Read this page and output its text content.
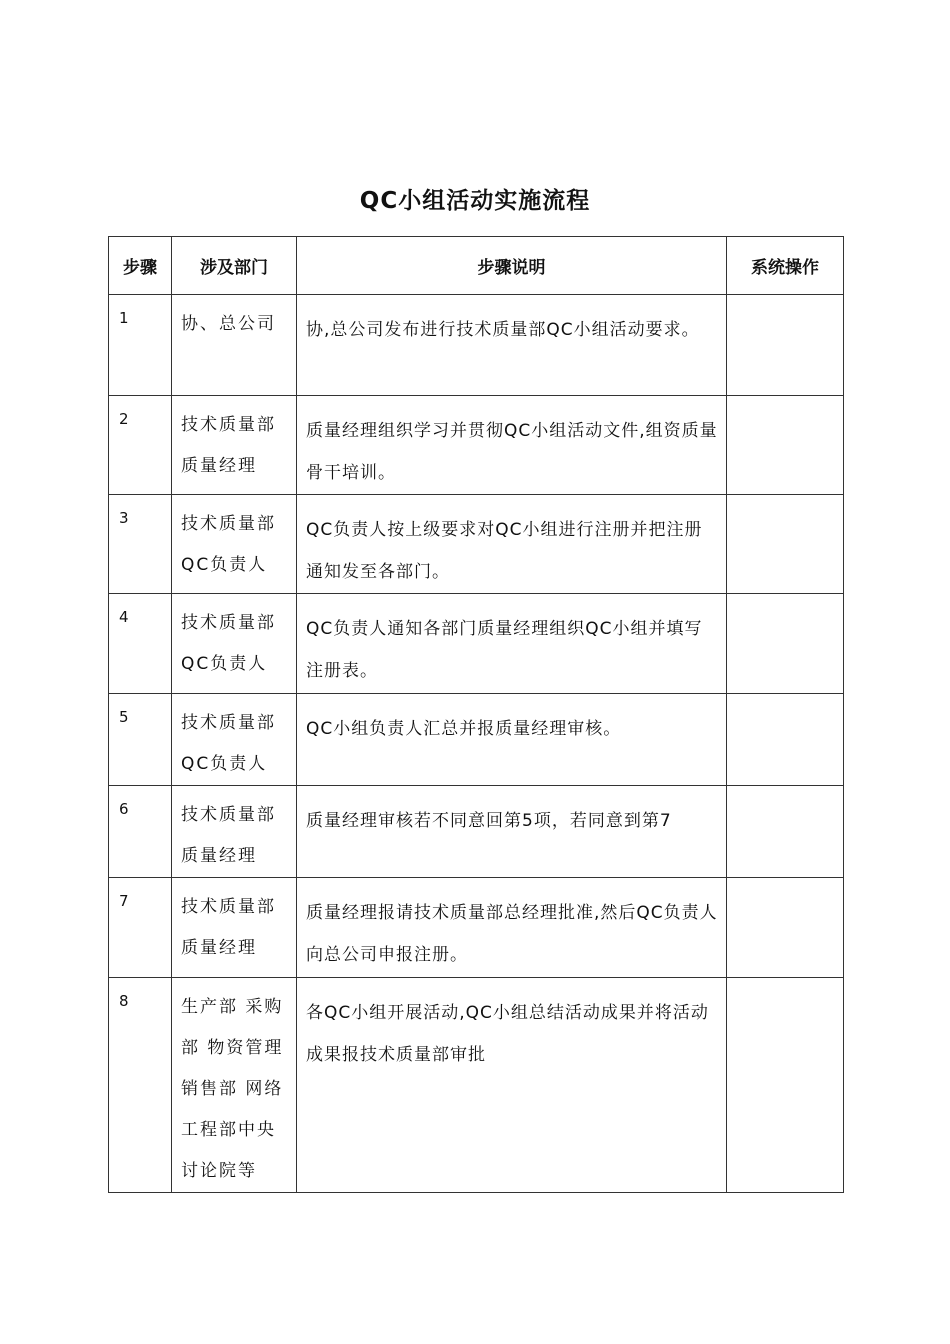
QC小组活动实施流程
步骤	涉及部门	步骤说明	系统操作
1	协、总公司	协,总公司发布进行技术质量部QC小组活动要求。	
2	技术质量部 质量经理	质量经理组织学习并贯彻QC小组活动文件,组资质量骨干培训。	
3	技术质量部 QC负责人	QC负责人按上级要求对QC小组进行注册并把注册通知发至各部门。	
4	技术质量部 QC负责人	QC负责人通知各部门质量经理组织QC小组并填写注册表。	
5	技术质量部 QC负责人	QC小组负责人汇总并报质量经理审核。	
6	技术质量部 质量经理	质量经理审核若不同意回第5项，若同意到第7	
7	技术质量部 质量经理	质量经理报请技术质量部总经理批准,然后QC负责人向总公司申报注册。	
8	生产部 采购部 物资管理 销售部 网络工程部中央讨论院等	各QC小组开展活动,QC小组总结活动成果并将活动成果报技术质量部审批	
